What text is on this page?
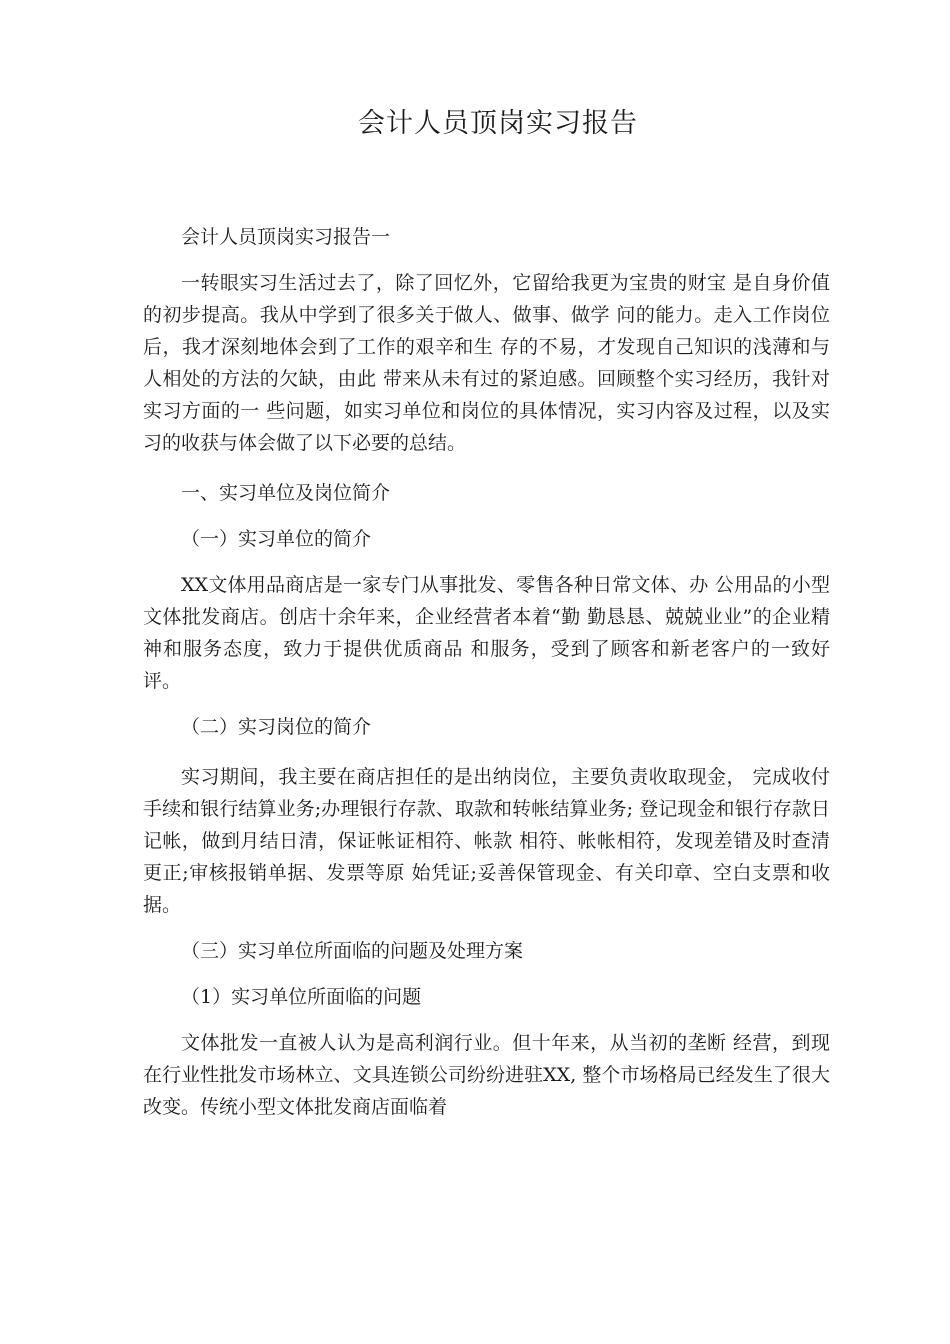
会计人员顶岗实习报告

会计人员顶岗实习报告一

一转眼实习生活过去了，除了回忆外，它留给我更为宝贵的财宝 是自身价值的初步提高。我从中学到了很多关于做人、做事、做学 问的能力。走入工作岗位后，我才深刻地体会到了工作的艰辛和生 存的不易，才发现自己知识的浅薄和与人相处的方法的欠缺，由此 带来从未有过的紧迫感。回顾整个实习经历，我针对实习方面的一 些问题，如实习单位和岗位的具体情况，实习内容及过程，以及实 习的收获与体会做了以下必要的总结。

一、实习单位及岗位简介

（一）实习单位的简介

XX文体用品商店是一家专门从事批发、零售各种日常文体、办 公用品的小型文体批发商店。创店十余年来，企业经营者本着“勤 勤恳恳、兢兢业业”的企业精神和服务态度，致力于提供优质商品 和服务，受到了顾客和新老客户的一致好评。

（二）实习岗位的简介

实习期间，我主要在商店担任的是出纳岗位，主要负责收取现金， 完成收付手续和银行结算业务;办理银行存款、取款和转帐结算业务; 登记现金和银行存款日记帐，做到月结日清，保证帐证相符、帐款 相符、帐帐相符，发现差错及时查清更正;审核报销单据、发票等原 始凭证;妥善保管现金、有关印章、空白支票和收据。

（三）实习单位所面临的问题及处理方案

（1）实习单位所面临的问题

文体批发一直被人认为是高利润行业。但十年来，从当初的垄断 经营，到现在行业性批发市场林立、文具连锁公司纷纷进驻XX, 整个市场格局已经发生了很大改变。传统小型文体批发商店面临着
